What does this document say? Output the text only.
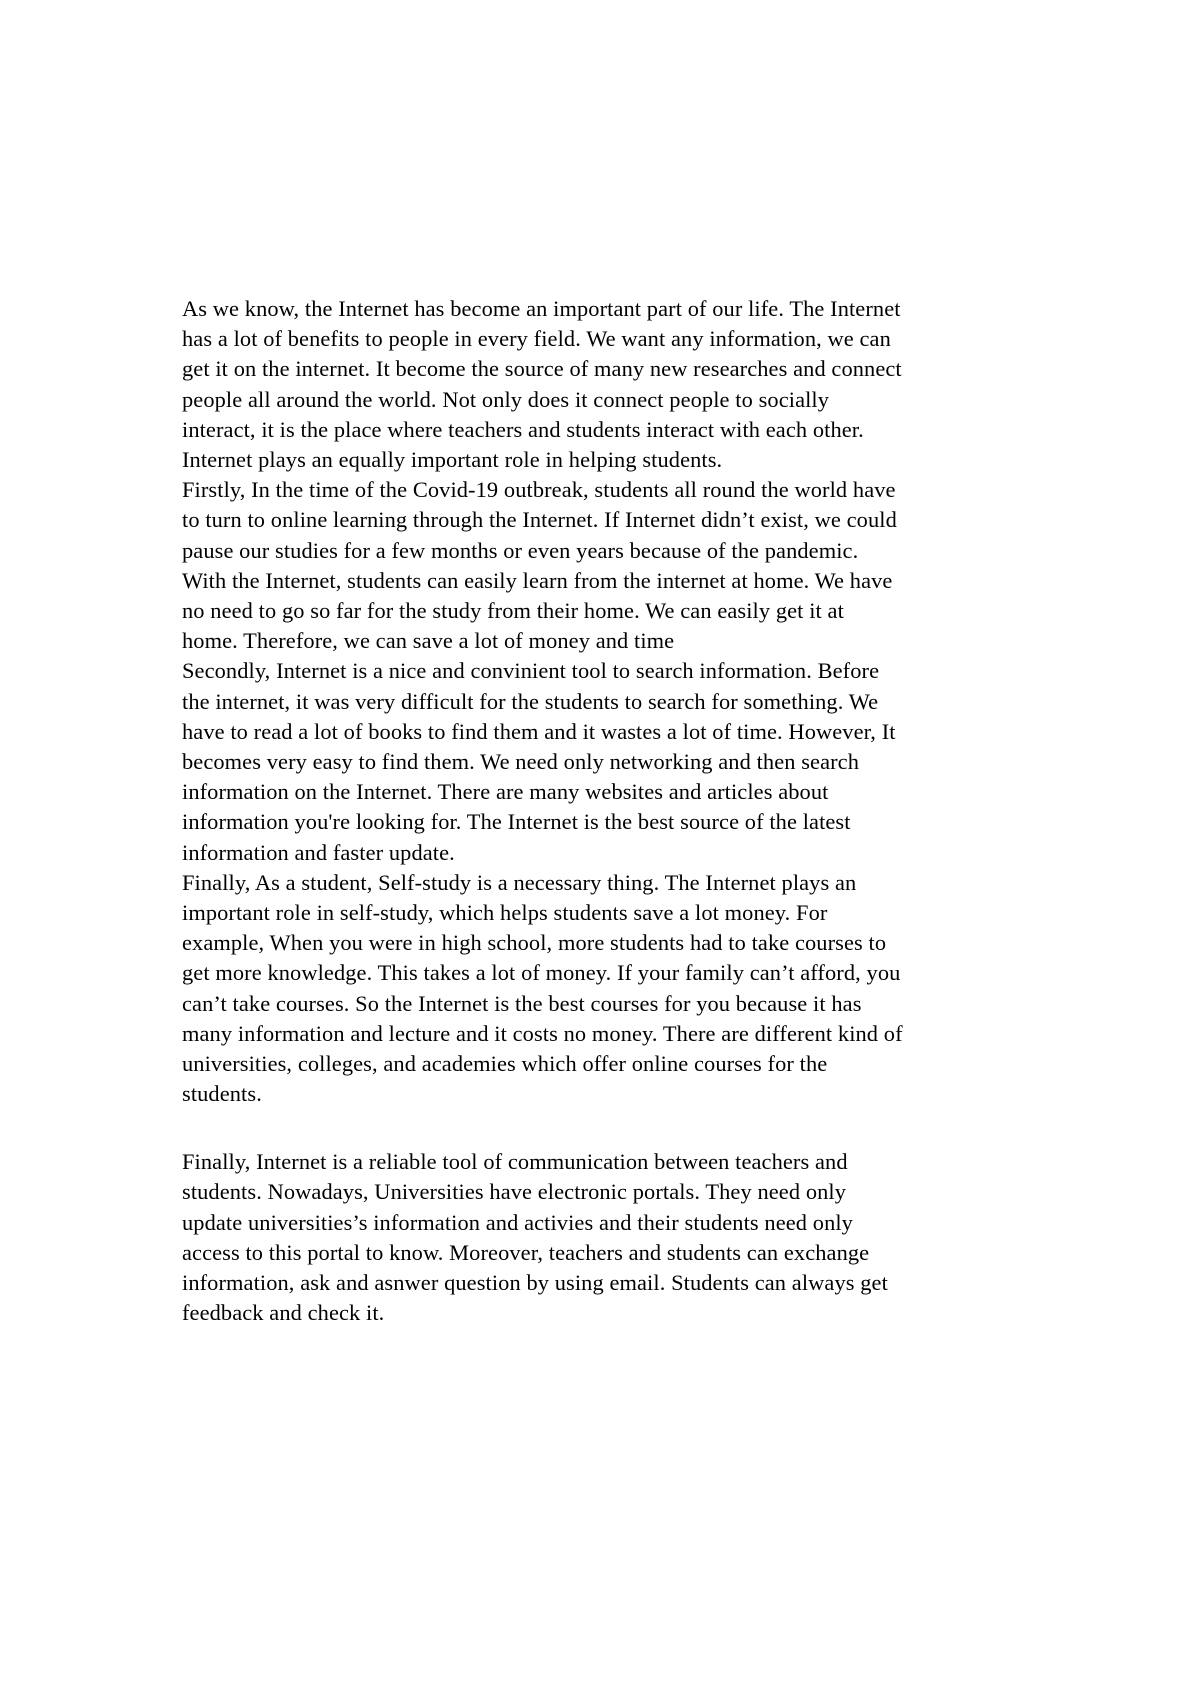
As we know, the Internet has become an important part of our life. The Internet
has a lot of benefits to people in every field. We want any information, we can
get it on the internet. It become the source of many new researches and connect
people all around the world. Not only does it connect people to socially
interact, it is the place where teachers and students interact with each other.
Internet plays an equally important role in helping students.
Firstly, In the time of the Covid-19 outbreak, students all round the world have
to turn to online learning through the Internet. If Internet didn’t exist, we could
pause our studies for a few months or even years because of the pandemic.
With the Internet, students can easily learn from the internet at home. We have
no need to go so far for the study from their home. We can easily get it at
home. Therefore, we can save a lot of money and time
Secondly, Internet is a nice and convinient tool to search information. Before
the internet, it was very difficult for the students to search for something. We
have to read a lot of books to find them and it wastes a lot of time. However, It
becomes very easy to find them. We need only networking and then search
information on the Internet. There are many websites and articles about
information you're looking for. The Internet is the best source of the latest
information and faster update.
Finally, As a student, Self-study is a necessary thing. The Internet plays an
important role in self-study, which helps students save a lot money. For
example, When you were in high school, more students had to take courses to
get more knowledge. This takes a lot of money. If your family can’t afford, you
can’t take courses. So the Internet is the best courses for you because it has
many information and lecture and it costs no money. There are different kind of
universities, colleges, and academies which offer online courses for the
students.
Finally, Internet is a reliable tool of communication between teachers and
students. Nowadays, Universities have electronic portals. They need only
update universities’s information and activies and their students need only
access to this portal to know. Moreover, teachers and students can exchange
information, ask and asnwer question by using email. Students can always get
feedback and check it.
